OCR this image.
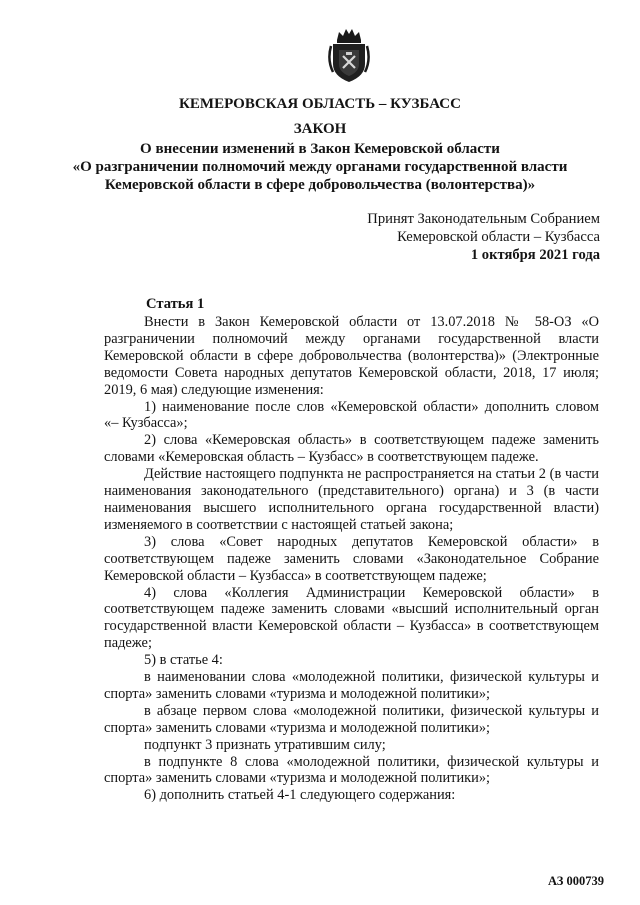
КЕМЕРОВСКАЯ ОБЛАСТЬ – КУЗБАСС
ЗАКОН
О внесении изменений в Закон Кемеровской области
«О разграничении полномочий между органами государственной власти
Кемеровской области в сфере добровольчества (волонтерства)»
Принят Законодательным Собранием
Кемеровской области – Кузбасса
1 октября 2021 года
Статья 1

Внести в Закон Кемеровской области от 13.07.2018 № 58-ОЗ «О разграничении полномочий между органами государственной власти Кемеровской области в сфере добровольчества (волонтерства)» (Электронные ведомости Совета народных депутатов Кемеровской области, 2018, 17 июля; 2019, 6 мая) следующие изменения:

1) наименование после слов «Кемеровской области» дополнить словом «– Кузбасса»;

2) слова «Кемеровская область» в соответствующем падеже заменить словами «Кемеровская область – Кузбасс» в соответствующем падеже.

Действие настоящего подпункта не распространяется на статьи 2 (в части наименования законодательного (представительного) органа) и 3 (в части наименования высшего исполнительного органа государственной власти) изменяемого в соответствии с настоящей статьей закона;

3) слова «Совет народных депутатов Кемеровской области» в соответствующем падеже заменить словами «Законодательное Собрание Кемеровской области – Кузбасса» в соответствующем падеже;

4) слова «Коллегия Администрации Кемеровской области» в соответствующем падеже заменить словами «высший исполнительный орган государственной власти Кемеровской области – Кузбасса» в соответствующем падеже;

5) в статье 4:

в наименовании слова «молодежной политики, физической культуры и спорта» заменить словами «туризма и молодежной политики»;

в абзаце первом слова «молодежной политики, физической культуры и спорта» заменить словами «туризма и молодежной политики»;

подпункт 3 признать утратившим силу;

в подпункте 8 слова «молодежной политики, физической культуры и спорта» заменить словами «туризма и молодежной политики»;

6) дополнить статьей 4-1 следующего содержания:

АЗ 000739
